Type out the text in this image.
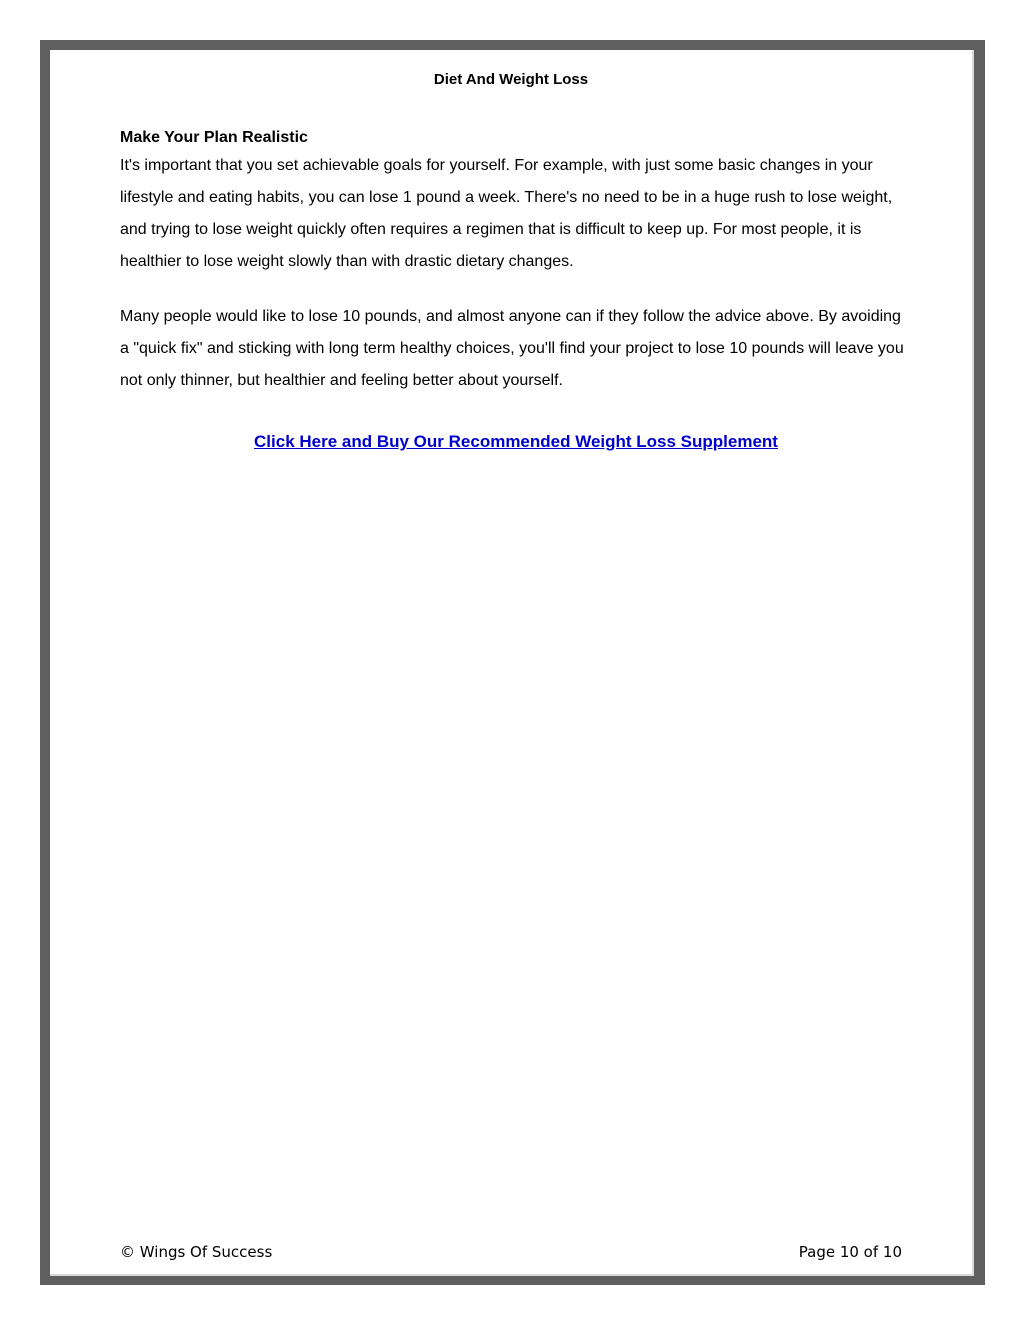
Diet And Weight Loss
Make Your Plan Realistic

It's important that you set achievable goals for yourself. For example, with just some basic changes in your lifestyle and eating habits, you can lose 1 pound a week. There's no need to be in a huge rush to lose weight, and trying to lose weight quickly often requires a regimen that is difficult to keep up. For most people, it is healthier to lose weight slowly than with drastic dietary changes.

Many people would like to lose 10 pounds, and almost anyone can if they follow the advice above. By avoiding a "quick fix" and sticking with long term healthy choices, you'll find your project to lose 10 pounds will leave you not only thinner, but healthier and feeling better about yourself.

Click Here and Buy Our Recommended Weight Loss Supplement
© Wings Of Success	Page 10 of 10
